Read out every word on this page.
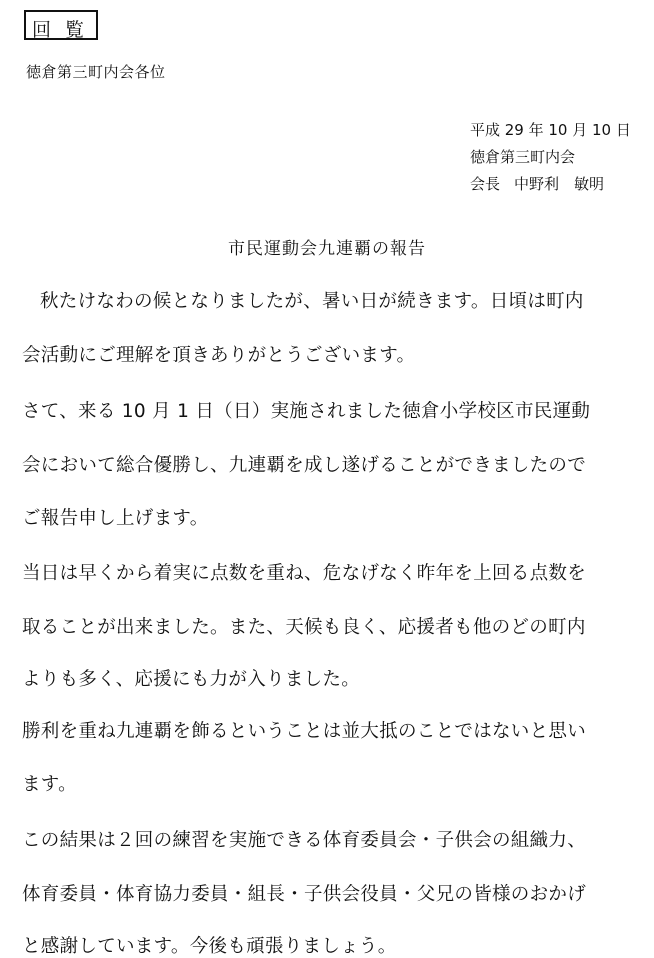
回覧
徳倉第三町内会各位
平成 29 年 10 月 10 日
徳倉第三町内会
会長 中野利　敏明
市民運動会九連覇の報告
秋たけなわの候となりましたが、暑い日が続きます。日頃は町内
会活動にご理解を頂きありがとうございます。
さて、来る 10 月 1 日（日）実施されました徳倉小学校区市民運動
会において総合優勝し、九連覇を成し遂げることができましたので
ご報告申し上げます。
当日は早くから着実に点数を重ね、危なげなく昨年を上回る点数を
取ることが出来ました。また、天候も良く、応援者も他のどの町内
よりも多く、応援にも力が入りました。
勝利を重ね九連覇を飾るということは並大抵のことではないと思い
ます。
この結果は２回の練習を実施できる体育委員会・子供会の組織力、
体育委員・体育協力委員・組長・子供会役員・父兄の皆様のおかげ
と感謝しています。今後も頑張りましょう。
